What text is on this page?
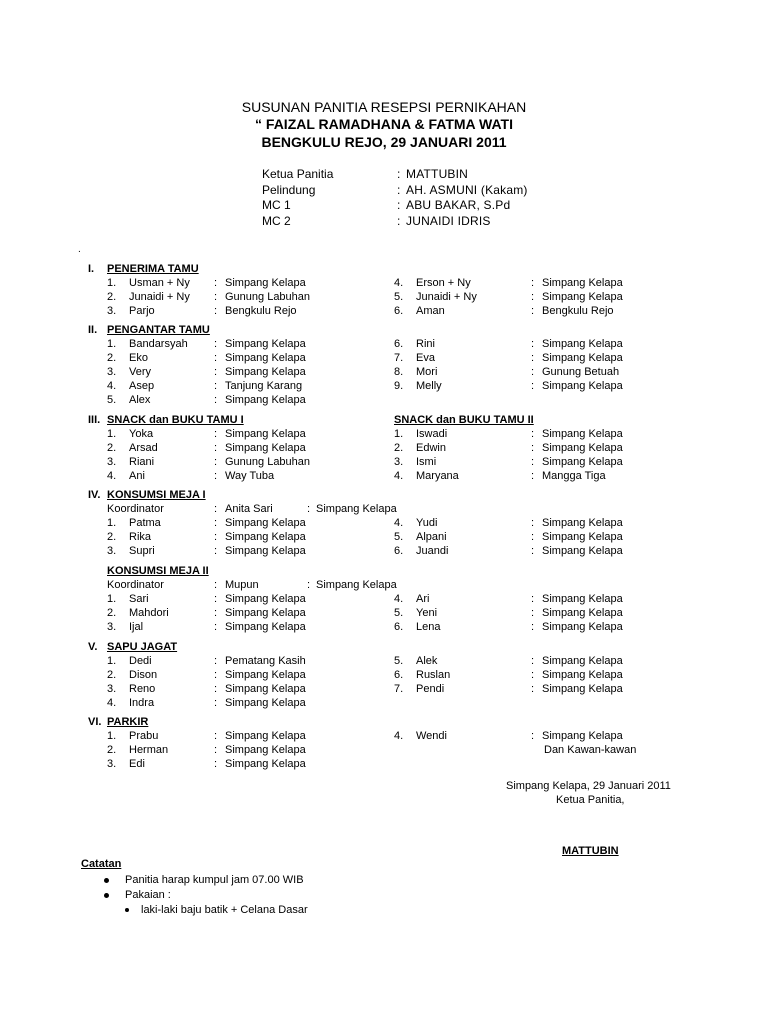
SUSUNAN PANITIA RESEPSI PERNIKAHAN
“ FAIZAL RAMADHANA & FATMA WATI
BENGKULU REJO, 29 JANUARI 2011
Ketua Panitia	: MATTUBIN
Pelindung	: AH. ASMUNI (Kakam)
MC 1	: ABU BAKAR, S.Pd
MC 2	: JUNAIDI IDRIS
.
I. PENERIMA TAMU
1. Usman + Ny : Simpang Kelapa	4. Erson + Ny	: Simpang Kelapa
2. Junaidi + Ny : Gunung Labuhan	5. Junaidi + Ny	: Simpang Kelapa
3. Parjo	: Bengkulu Rejo	6. Aman	: Bengkulu Rejo
II. PENGANTAR TAMU
1. Bandarsyah : Simpang Kelapa	6. Rini	: Simpang Kelapa
2. Eko	: Simpang Kelapa	7. Eva	: Simpang Kelapa
3. Very	: Simpang Kelapa	8. Mori	: Gunung Betuah
4. Asep	: Tanjung Karang	9. Melly	: Simpang Kelapa
5. Alex	: Simpang Kelapa
III. SNACK dan BUKU TAMU I	SNACK dan BUKU TAMU II
1. Yoka	: Simpang Kelapa	1. Iswadi	: Simpang Kelapa
2. Arsad	: Simpang Kelapa	2. Edwin	: Simpang Kelapa
3. Riani	: Gunung Labuhan	3. Ismi	: Simpang Kelapa
4. Ani	: Way Tuba	4. Maryana	: Mangga Tiga
IV. KONSUMSI MEJA I
Koordinator	: Anita Sari	: Simpang Kelapa
1. Patma	: Simpang Kelapa	4. Yudi	: Simpang Kelapa
2. Rika	: Simpang Kelapa	5. Alpani	: Simpang Kelapa
3. Supri	: Simpang Kelapa	6. Juandi	: Simpang Kelapa
KONSUMSI MEJA II
Koordinator	: Mupun	: Simpang Kelapa
1. Sari	: Simpang Kelapa	4. Ari	: Simpang Kelapa
2. Mahdori	: Simpang Kelapa	5. Yeni	: Simpang Kelapa
3. Ijal	: Simpang Kelapa	6. Lena	: Simpang Kelapa
V. SAPU JAGAT
1. Dedi	: Pematang Kasih	5. Alek	: Simpang Kelapa
2. Dison	: Simpang Kelapa	6. Ruslan	: Simpang Kelapa
3. Reno	: Simpang Kelapa	7. Pendi	: Simpang Kelapa
4. Indra	: Simpang Kelapa
VI. PARKIR
1. Prabu	: Simpang Kelapa	4. Wendi	: Simpang Kelapa
2. Herman	: Simpang Kelapa	Dan Kawan-kawan
3. Edi	: Simpang Kelapa
Simpang Kelapa, 29 Januari 2011
Ketua Panitia,
MATTUBIN
Catatan
Panitia harap kumpul jam 07.00 WIB
Pakaian :
laki-laki baju batik + Celana Dasar
